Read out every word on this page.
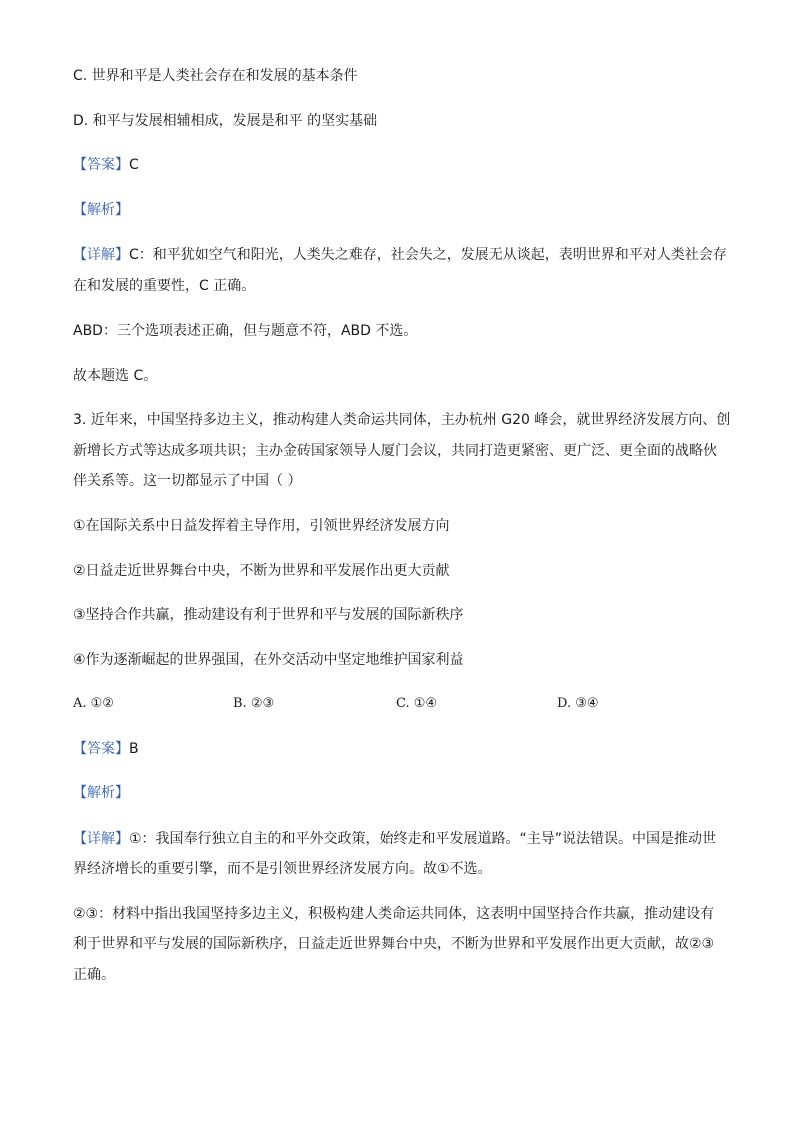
C. 世界和平是人类社会存在和发展的基本条件
D. 和平与发展相辅相成，发展是和平 的坚实基础
【答案】C
【解析】
【详解】C：和平犹如空气和阳光，人类失之难存，社会失之，发展无从谈起，表明世界和平对人类社会存
在和发展的重要性，C 正确。
ABD：三个选项表述正确，但与题意不符，ABD 不选。
故本题选 C。
3. 近年来，中国坚持多边主义，推动构建人类命运共同体，主办杭州 G20 峰会，就世界经济发展方向、创
新增长方式等达成多项共识；主办金砖国家领导人厦门会议，共同打造更紧密、更广泛、更全面的战略伙
伴关系等。这一切都显示了中国（ ）
①在国际关系中日益发挥着主导作用，引领世界经济发展方向
②日益走近世界舞台中央，不断为世界和平发展作出更大贡献
③坚持合作共赢，推动建设有利于世界和平与发展的国际新秩序
④作为逐渐崛起的世界强国，在外交活动中坚定地维护国家利益
A. ①②	B. ②③	C. ①④	D. ③④
【答案】B
【解析】
【详解】①：我国奉行独立自主的和平外交政策，始终走和平发展道路。“主导”说法错误。中国是推动世
界经济增长的重要引擎，而不是引领世界经济发展方向。故①不选。
②③：材料中指出我国坚持多边主义，积极构建人类命运共同体，这表明中国坚持合作共赢，推动建设有
利于世界和平与发展的国际新秩序，日益走近世界舞台中央，不断为世界和平发展作出更大贡献，故②③
正确。
